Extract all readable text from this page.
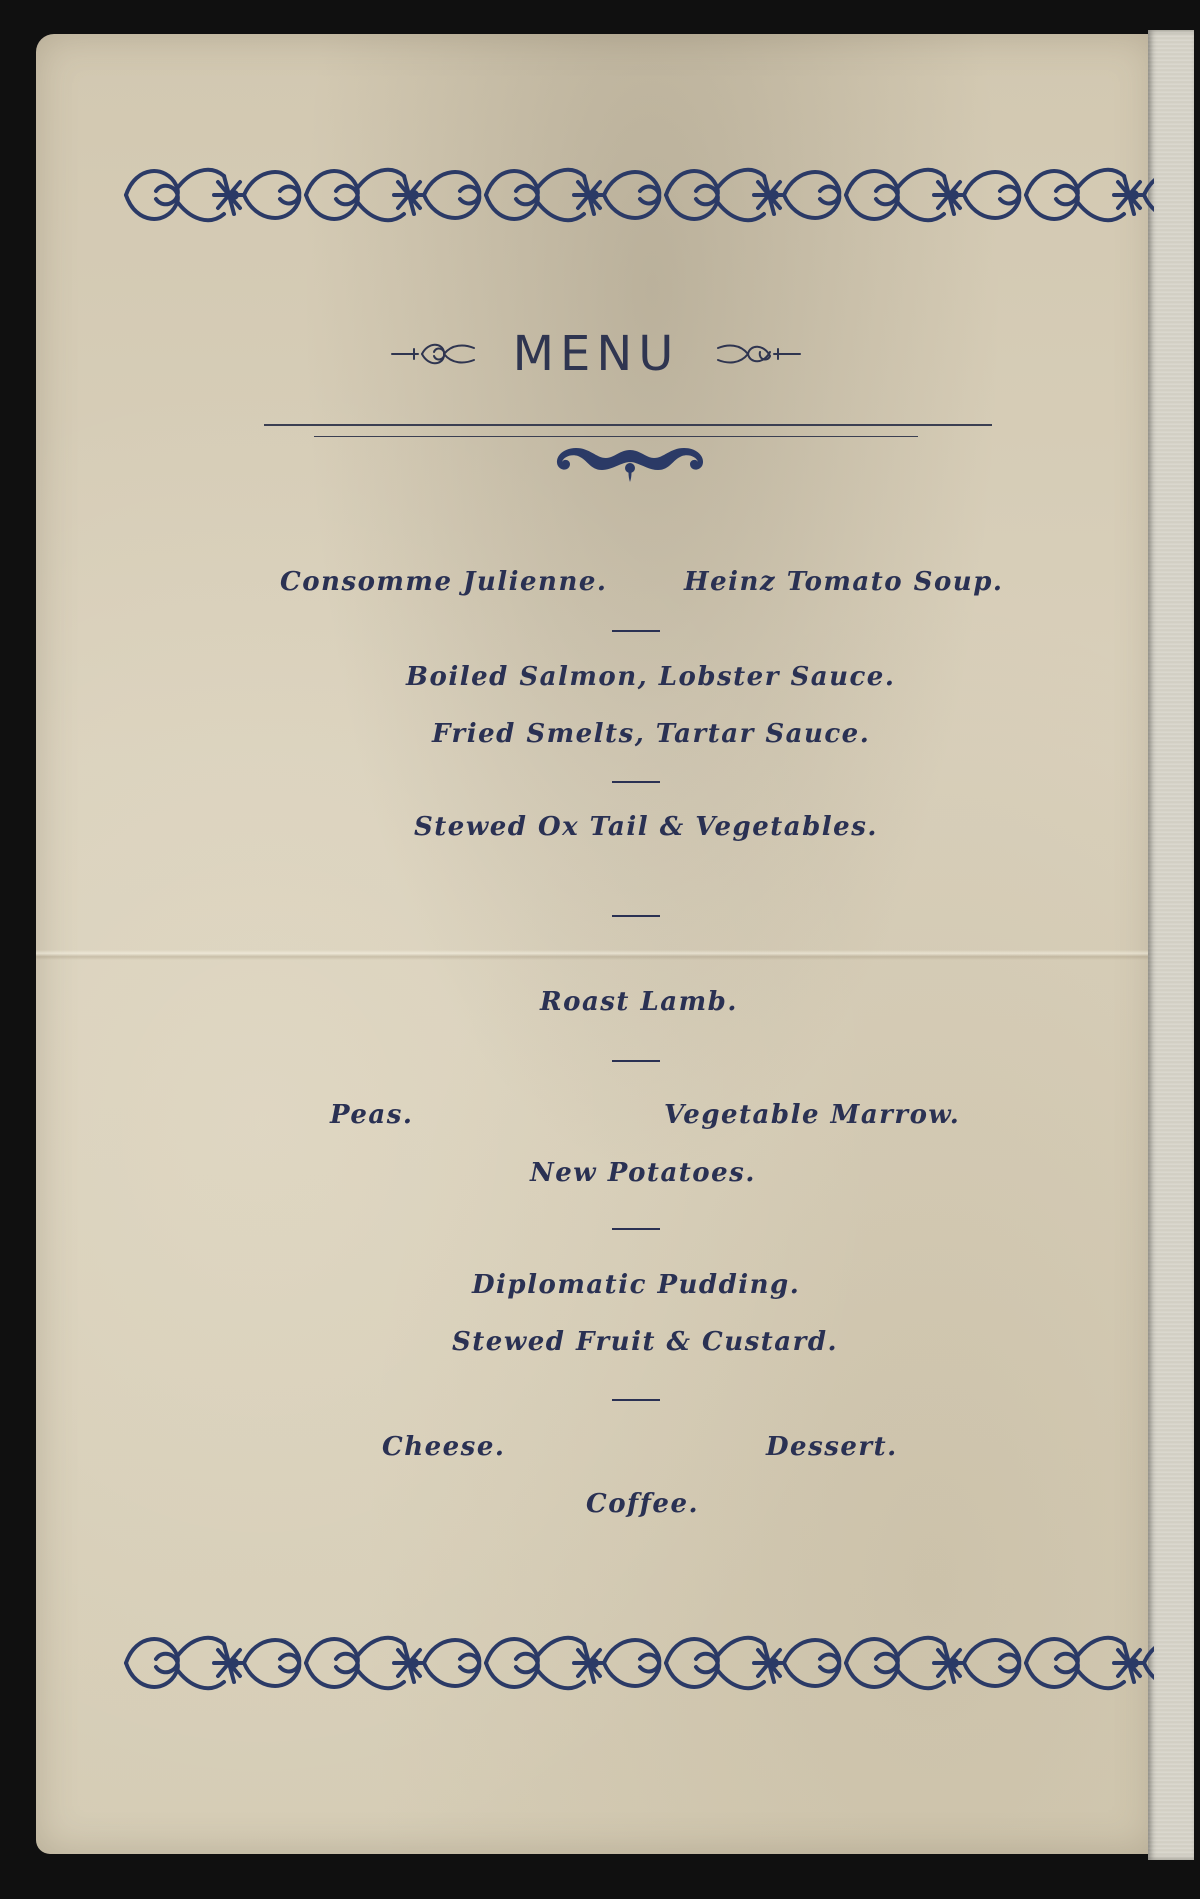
MENU
Consomme Julienne.	Heinz Tomato Soup.
Boiled Salmon, Lobster Sauce.
Fried Smelts, Tartar Sauce.
Stewed Ox Tail & Vegetables.
Roast Lamb.
Peas.	Vegetable Marrow.
New Potatoes.
Diplomatic Pudding.
Stewed Fruit & Custard.
Cheese.	Dessert.
Coffee.
